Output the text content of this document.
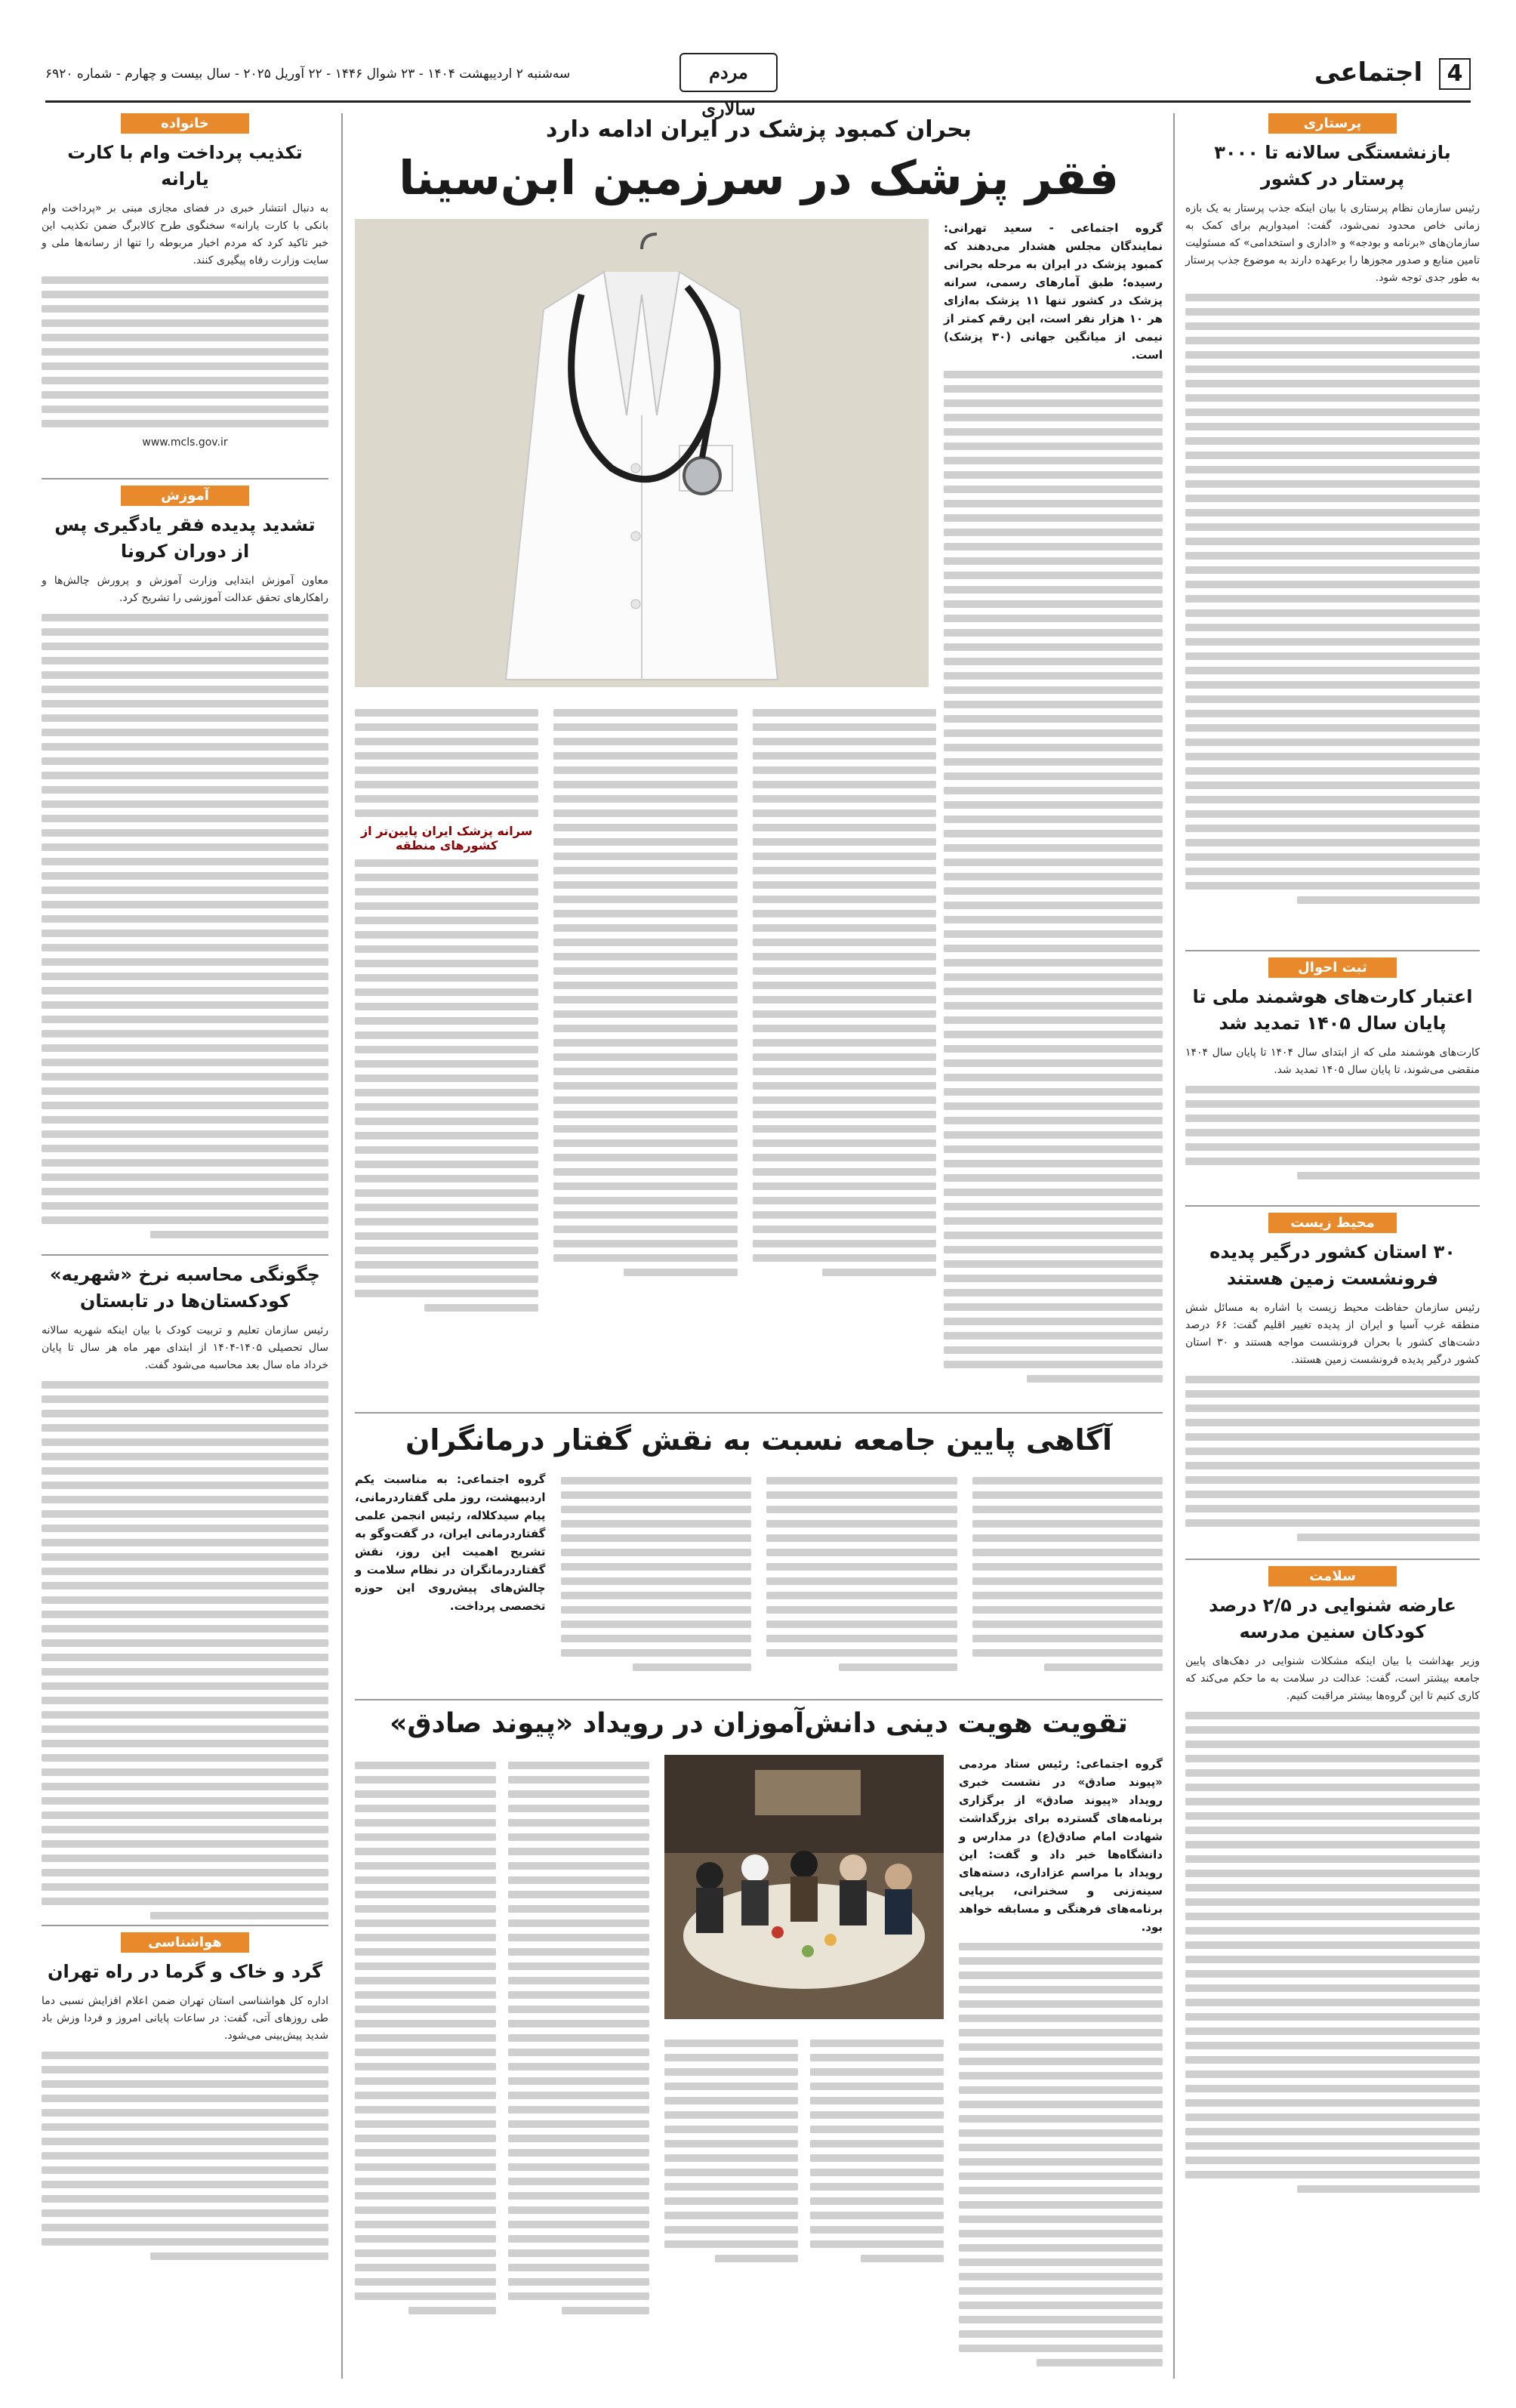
4 اجتماعی
مردم سالاری
سه‌شنبه ۲ اردیبهشت ۱۴۰۴ - ۲۳ شوال ۱۴۴۶ - ۲۲ آوریل ۲۰۲۵ - سال بیست و چهارم - شماره ۶۹۲۰
پرستاری
بازنشستگی سالانه تا ۳۰۰۰ پرستار در کشور
رئیس سازمان نظام پرستاری با بیان اینکه جذب پرستار به یک بازه زمانی خاص محدود نمی‌شود، گفت: امیدواریم برای کمک به سازمان‌های «برنامه و بودجه» و «اداری و استخدامی» که مسئولیت تامین منابع و صدور مجوزها را برعهده دارند به موضوع جذب پرستار به طور جدی توجه شود.
ثبت احوال
اعتبار کارت‌های هوشمند ملی تا پایان سال ۱۴۰۵ تمدید شد
کارت‌های هوشمند ملی که از ابتدای سال ۱۴۰۴ تا پایان سال ۱۴۰۴ منقضی می‌شوند، تا پایان سال ۱۴۰۵ تمدید شد.
محیط زیست
۳۰ استان کشور درگیر پدیده فرونشست زمین هستند
رئیس سازمان حفاظت محیط زیست با اشاره به مسائل شش منطقه غرب آسیا و ایران از پدیده تغییر اقلیم گفت: ۶۶ درصد دشت‌های کشور با بحران فرونشست مواجه هستند و ۳۰ استان کشور درگیر پدیده فرونشست زمین هستند.
سلامت
عارضه شنوایی در ۲/۵ درصد کودکان سنین مدرسه
وزیر بهداشت با بیان اینکه مشکلات شنوایی در دهک‌های پایین جامعه بیشتر است، گفت: عدالت در سلامت به ما حکم می‌کند که کاری کنیم تا این گروه‌ها بیشتر مراقبت کنیم.
بحران کمبود پزشک در ایران ادامه دارد
فقر پزشک در سرزمین ابن‌سینا
گروه اجتماعی - سعید تهرانی: نمایندگان مجلس هشدار می‌دهند که کمبود پزشک در ایران به مرحله بحرانی رسیده؛ طبق آمارهای رسمی، سرانه پزشک در کشور تنها ۱۱ پزشک به‌ازای هر ۱۰ هزار نفر است، این رقم کمتر از نیمی از میانگین جهانی (۳۰ پزشک) است.
سرانه پزشک ایران پایین‌تر از کشورهای منطقه
آگاهی پایین جامعه نسبت به نقش گفتار درمانگران
گروه اجتماعی: به مناسبت یکم اردیبهشت، روز ملی گفتاردرمانی، پیام سیدکلاله، رئیس انجمن علمی گفتاردرمانی ایران، در گفت‌وگو به تشریح اهمیت این روز، نقش گفتاردرمانگران در نظام سلامت و چالش‌های پیش‌روی این حوزه تخصصی پرداخت.
تقویت هویت دینی دانش‌آموزان در رویداد «پیوند صادق»
گروه اجتماعی: رئیس ستاد مردمی «پیوند صادق» در نشست خبری رویداد «پیوند صادق» از برگزاری برنامه‌های گسترده برای بزرگداشت شهادت امام صادق(ع) در مدارس و دانشگاه‌ها خبر داد و گفت: این رویداد با مراسم عزاداری، دسته‌های سینه‌زنی و سخنرانی، برپایی برنامه‌های فرهنگی و مسابقه خواهد بود.
خانواده
تکذیب پرداخت وام با کارت یارانه
به دنبال انتشار خبری در فضای مجازی مبنی بر «پرداخت وام بانکی با کارت یارانه» سخنگوی طرح کالابرگ ضمن تکذیب این خبر تاکید کرد که مردم اخبار مربوطه را تنها از رسانه‌ها ملی و سایت وزارت رفاه پیگیری کنند.
www.mcls.gov.ir
آموزش
تشدید پدیده فقر یادگیری پس از دوران کرونا
معاون آموزش ابتدایی وزارت آموزش و پرورش چالش‌ها و راهکارهای تحقق عدالت آموزشی را تشریح کرد.
چگونگی محاسبه نرخ «شهریه» کودکستان‌ها در تابستان
رئیس سازمان تعلیم و تربیت کودک با بیان اینکه شهریه سالانه سال تحصیلی ۱۴۰۵-۱۴۰۴ از ابتدای مهر ماه هر سال تا پایان خرداد ماه سال بعد محاسبه می‌شود گفت.
هواشناسی
گرد و خاک و گرما در راه تهران
اداره کل هواشناسی استان تهران ضمن اعلام افزایش نسبی دما طی روزهای آتی، گفت: در ساعات پایانی امروز و فردا وزش باد شدید پیش‌بینی می‌شود.
